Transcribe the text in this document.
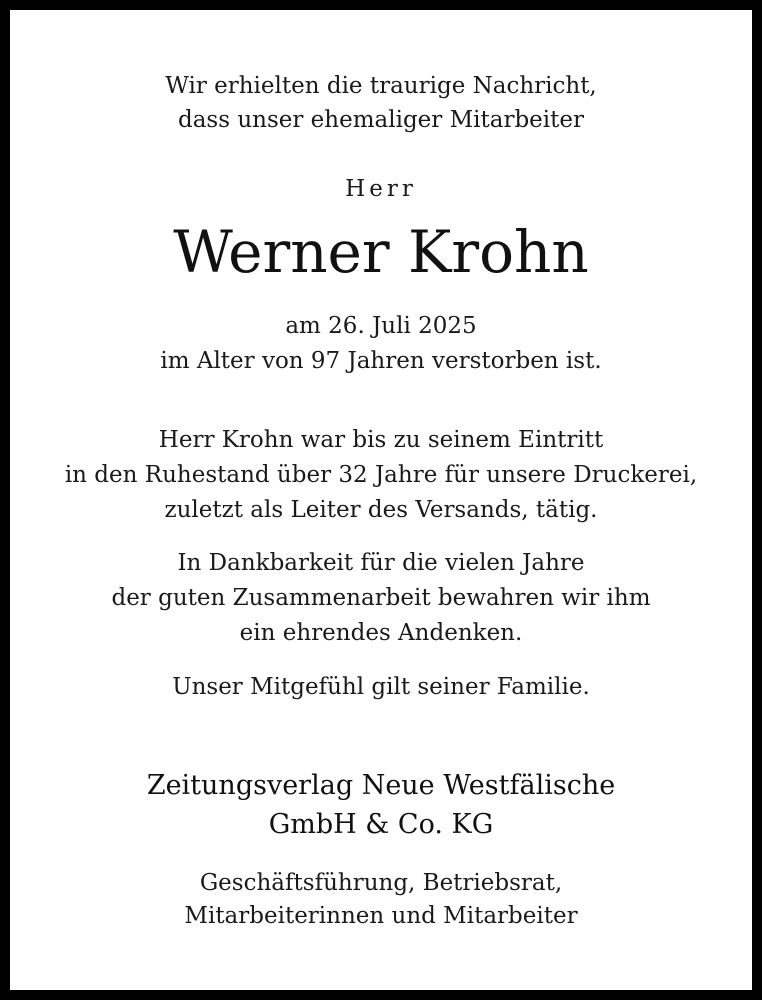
Wir erhielten die traurige Nachricht,
dass unser ehemaliger Mitarbeiter
Herr
Werner Krohn
am 26. Juli 2025
im Alter von 97 Jahren verstorben ist.
Herr Krohn war bis zu seinem Eintritt
in den Ruhestand über 32 Jahre für unsere Druckerei,
zuletzt als Leiter des Versands, tätig.
In Dankbarkeit für die vielen Jahre
der guten Zusammenarbeit bewahren wir ihm
ein ehrendes Andenken.
Unser Mitgefühl gilt seiner Familie.
Zeitungsverlag Neue Westfälische
GmbH & Co. KG
Geschäftsführung, Betriebsrat,
Mitarbeiterinnen und Mitarbeiter
